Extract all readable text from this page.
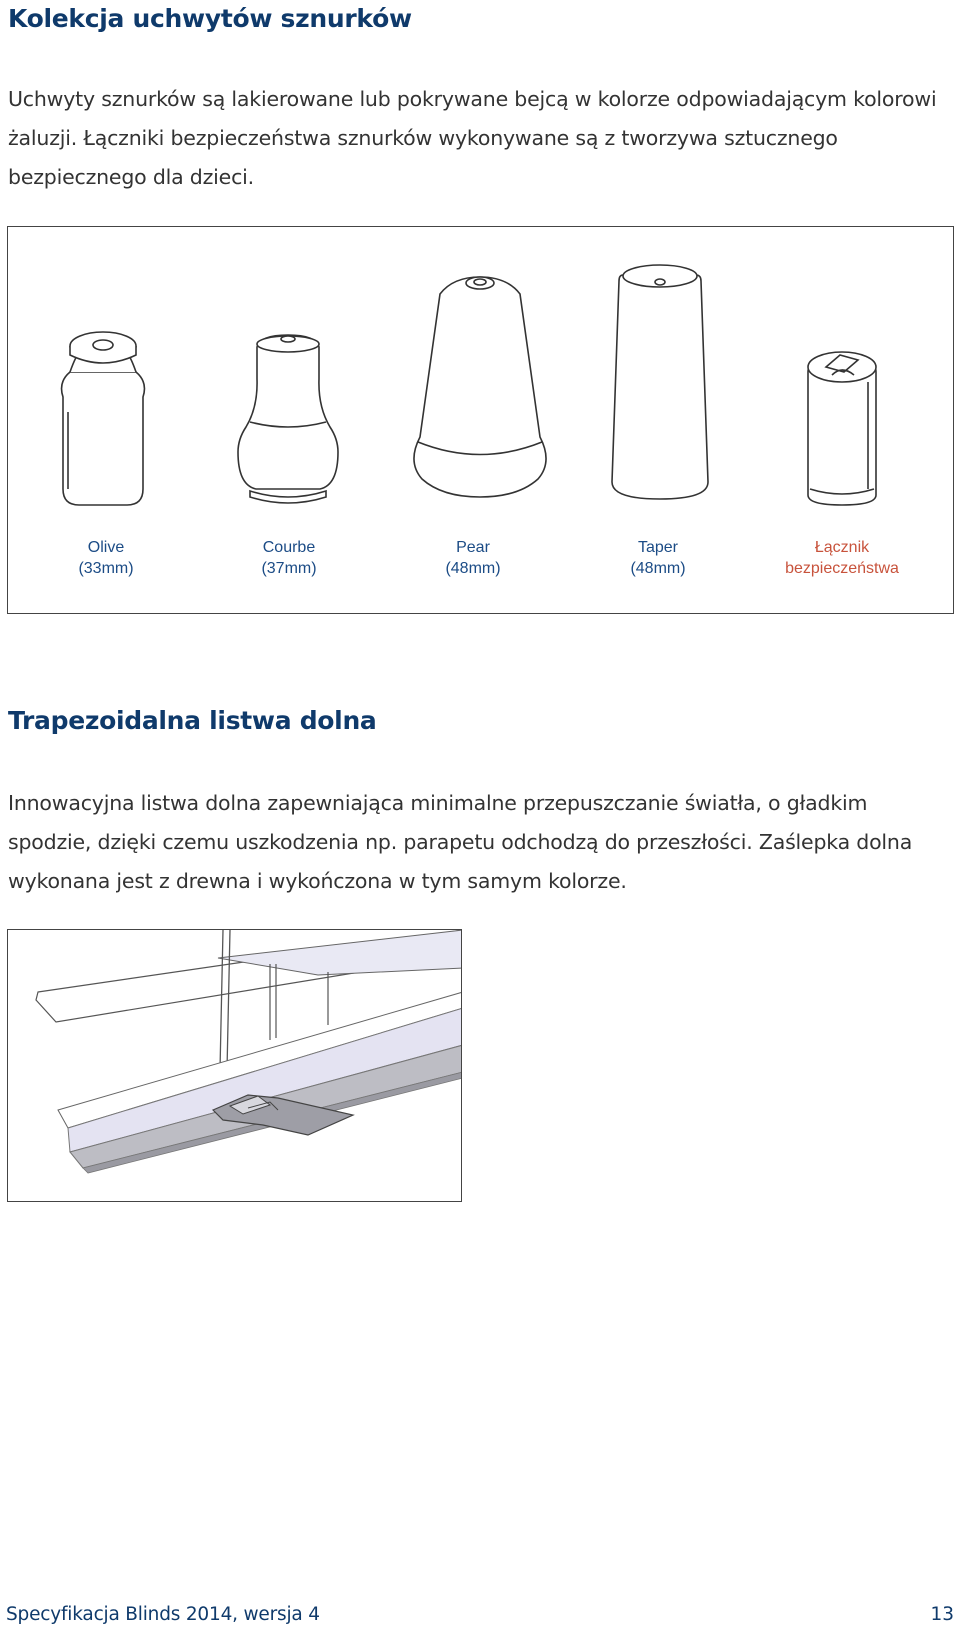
Kolekcja uchwytów sznurków

Uchwyty sznurków są lakierowane lub pokrywane bejcą w kolorze odpowiadającym kolorowi żaluzji. Łączniki bezpieczeństwa sznurków wykonywane są z tworzywa sztucznego bezpiecznego dla dzieci.

Olive
(33mm)
Courbe
(37mm)
Pear
(48mm)
Taper
(48mm)
Łącznik
bezpieczeństwa
Trapezoidalna listwa dolna

Innowacyjna listwa dolna zapewniająca minimalne przepuszczanie światła, o gładkim spodzie, dzięki czemu uszkodzenia np. parapetu odchodzą do przeszłości. Zaślepka dolna wykonana jest z drewna i wykończona w tym samym kolorze.

Specyfikacja Blinds 2014, wersja 4	13
